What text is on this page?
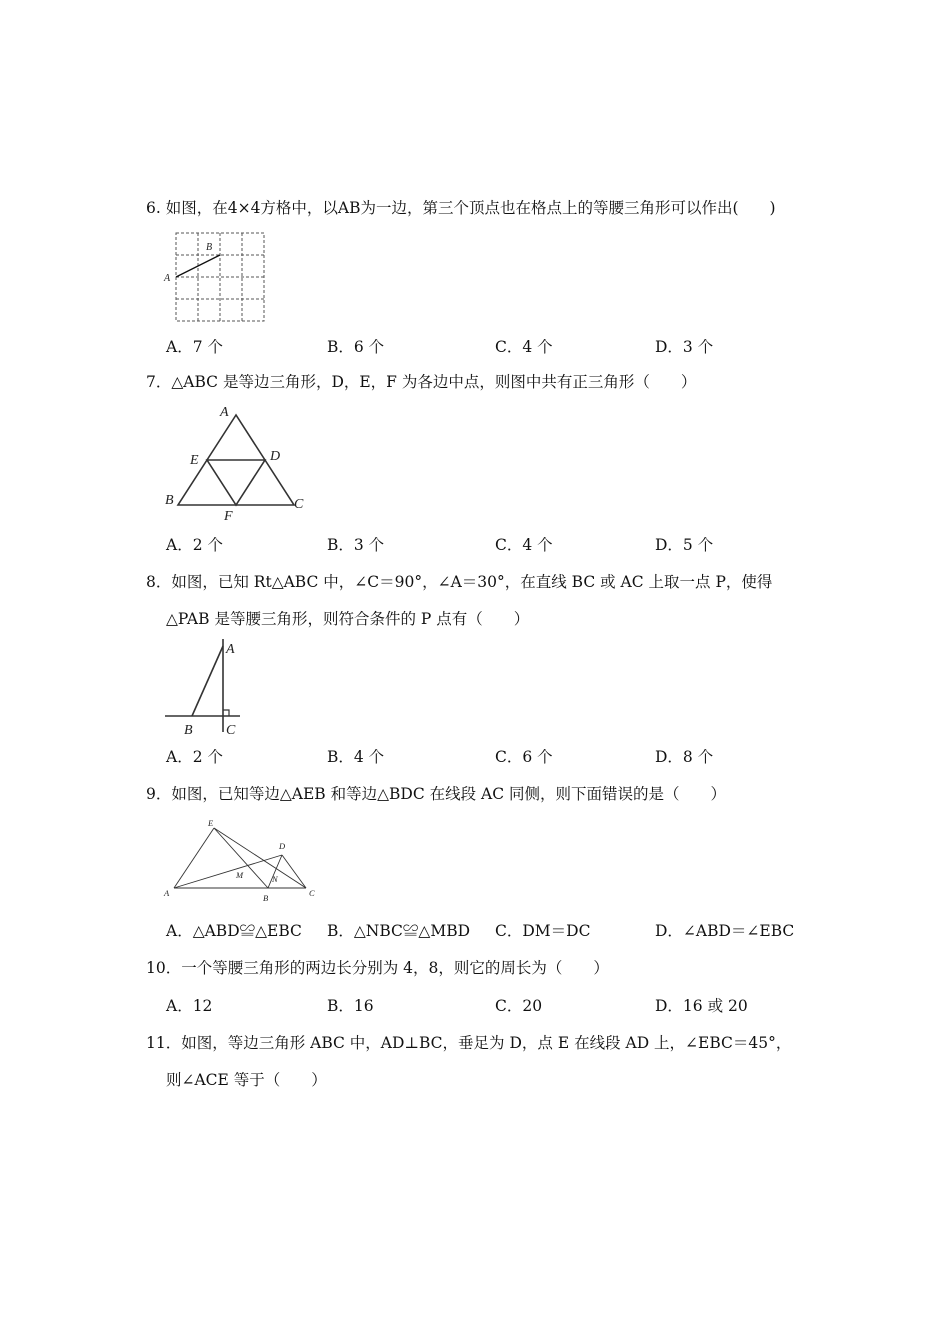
6. 如图，在4×4方格中，以AB为一边，第三个顶点也在格点上的等腰三角形可以作出(　　)
A
B
A．7 个	B．6 个	C．4 个	D．3 个
7．△ABC 是等边三角形，D，E，F 为各边中点，则图中共有正三角形（　　）
A
E	D
B	C
F
A．2 个	B．3 个	C．4 个	D．5 个
8．如图，已知 Rt△ABC 中，∠C＝90°，∠A＝30°，在直线 BC 或 AC 上取一点 P，使得
△PAB 是等腰三角形，则符合条件的 P 点有（　　）
A
B C
A．2 个	B．4 个	C．6 个	D．8 个
9．如图，已知等边△AEB 和等边△BDC 在线段 AC 同侧，则下面错误的是（　　）
E
D
M	N
A	B	C
A．△ABD≌△EBC B．△NBC≌△MBD C．DM＝DC	D．∠ABD＝∠EBC
10．一个等腰三角形的两边长分别为 4，8，则它的周长为（　　）
A．12	B．16	C．20	D．16 或 20
11．如图，等边三角形 ABC 中，AD⊥BC，垂足为 D，点 E 在线段 AD 上，∠EBC＝45°，
则∠ACE 等于（　　）
